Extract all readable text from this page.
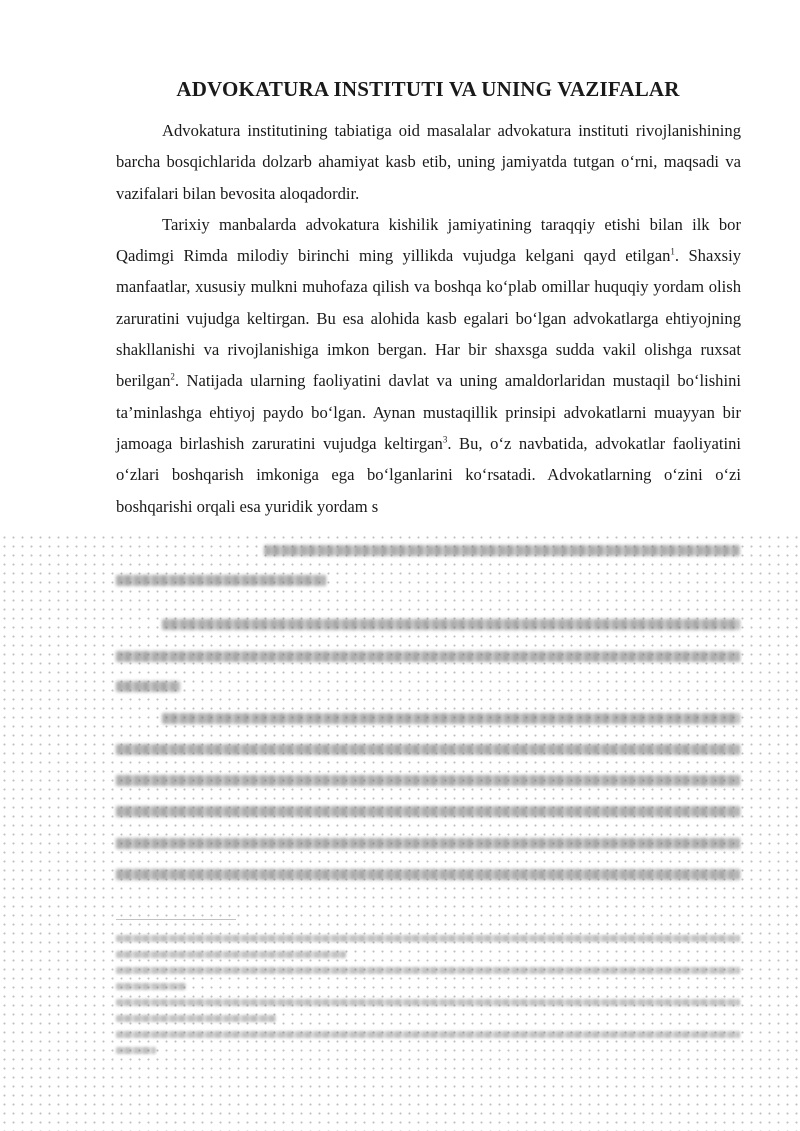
ADVOKATURA INSTITUTI VA UNING VAZIFALAR

Advokatura institutining tabiatiga oid masalalar advokatura instituti rivojlanishining barcha bosqichlarida dolzarb ahamiyat kasb etib, uning jamiyatda tutgan o‘rni, maqsadi va vazifalari bilan bevosita aloqadordir.

Tarixiy manbalarda advokatura kishilik jamiyatining taraqqiy etishi bilan ilk bor Qadimgi Rimda milodiy birinchi ming yillikda vujudga kelgani qayd etilgan$^1$. Shaxsiy manfaatlar, xususiy mulkni muhofaza qilish va boshqa ko‘plab omillar huquqiy yordam olish zaruratini vujudga keltirgan. Bu esa alohida kasb egalari bo‘lgan advokatlarga ehtiyojning shakllanishi va rivojlanishiga imkon bergan. Har bir shaxsga sudda vakil olishga ruxsat berilgan$^2$. Natijada ularning faoliyatini davlat va uning amaldorlaridan mustaqil bo‘lishini ta’minlashga ehtiyoj paydo bo‘lgan. Aynan mustaqillik prinsipi advokatlarni muayyan bir jamoaga birlashish zaruratini vujudga keltirgan$^3$. Bu, o‘z navbatida, advokatlar faoliyatini o‘zlari boshqarish imkoniga ega bo‘lganlarini ko‘rsatadi. Advokatlarning o‘zini o‘zi boshqarishi orqali esa yuridik yordam s
